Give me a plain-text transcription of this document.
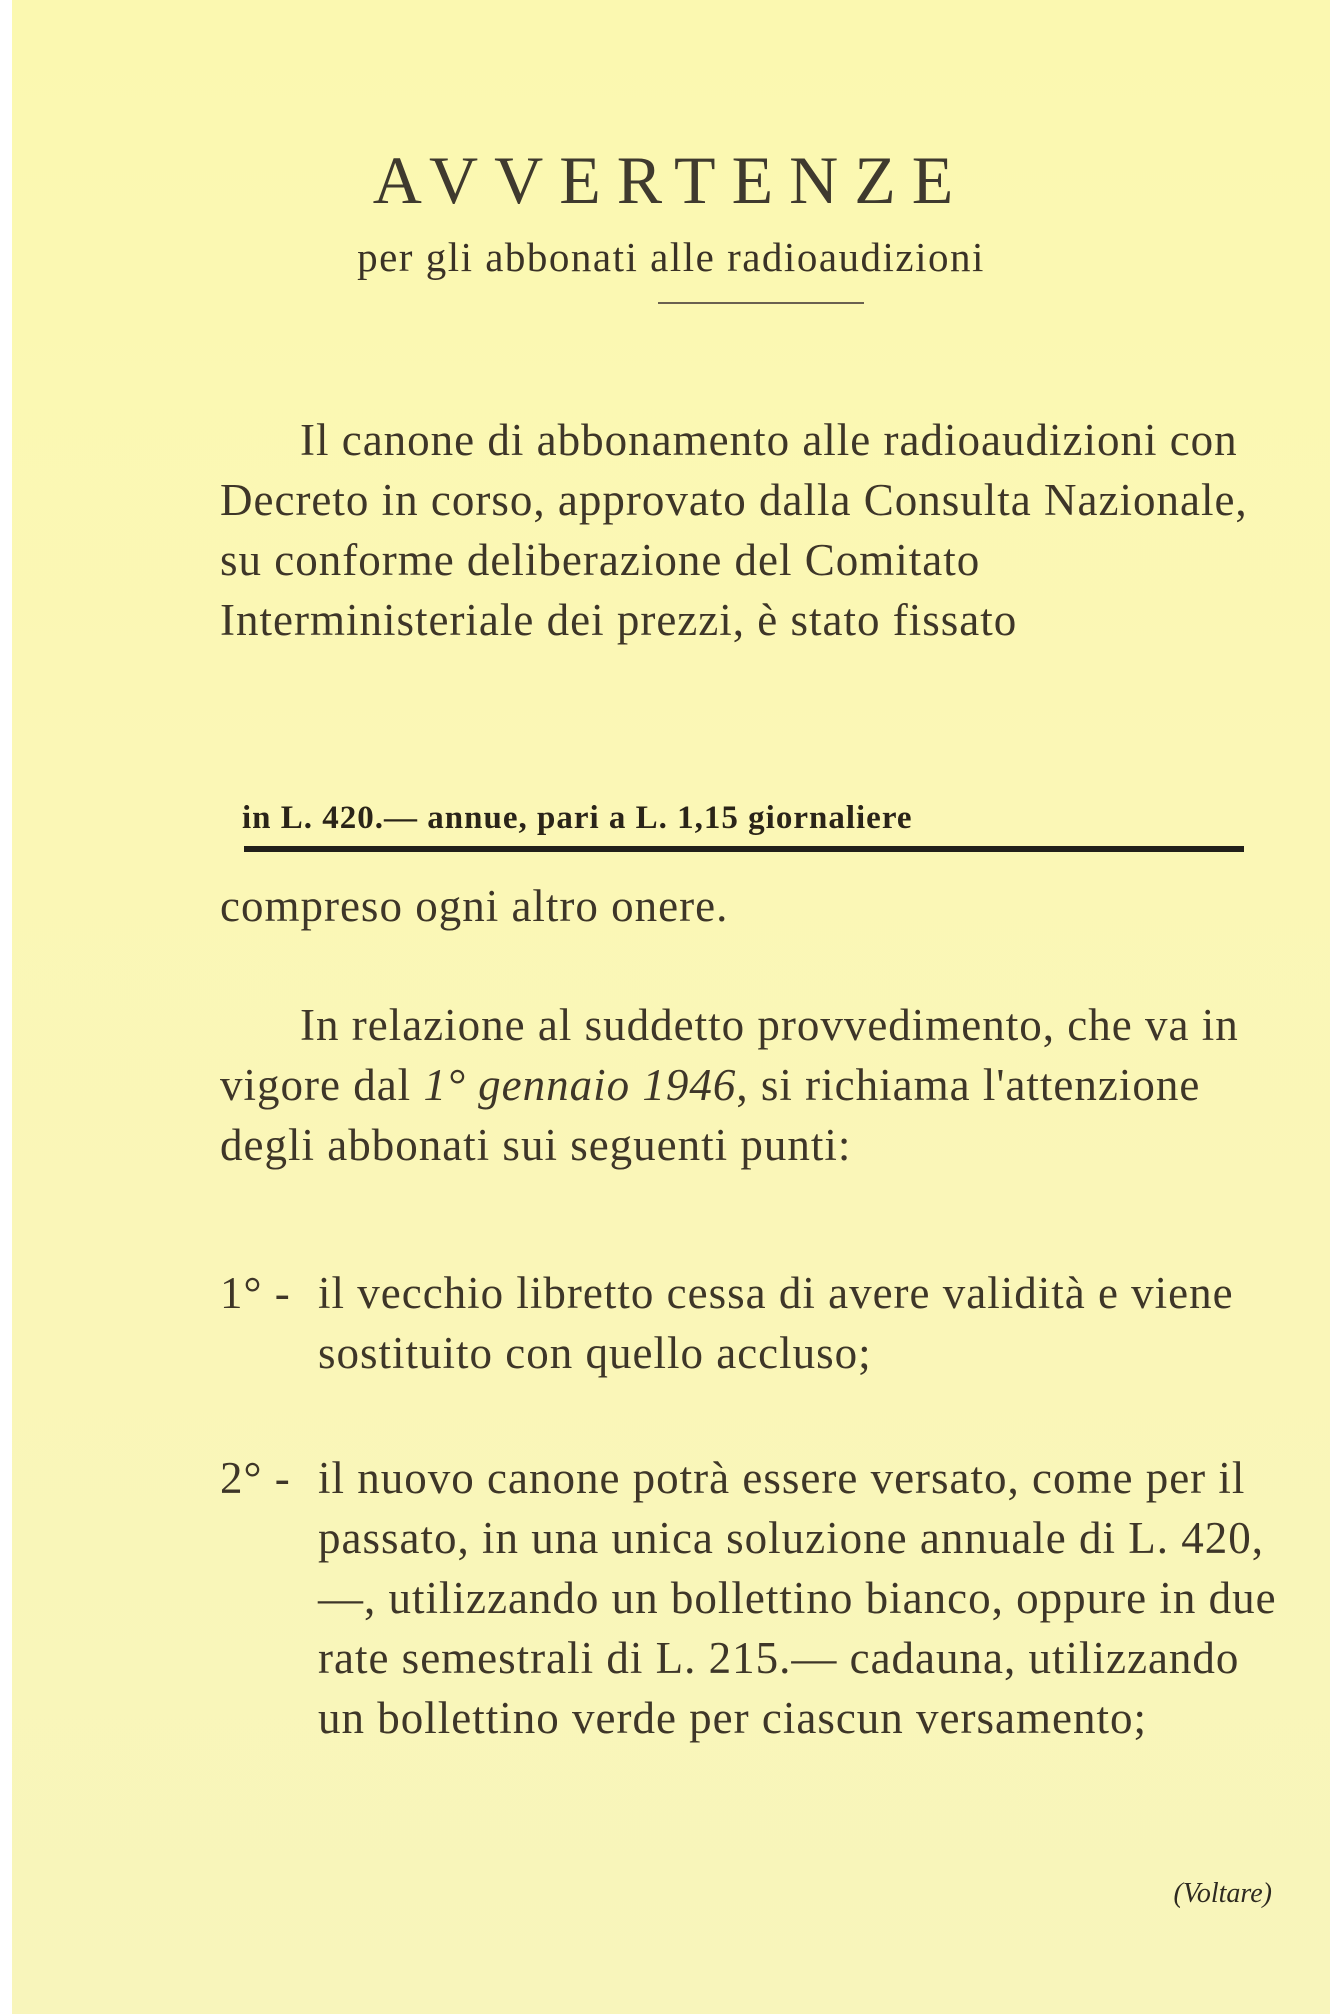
AVVERTENZE
per gli abbonati alle radioaudizioni

Il canone di abbonamento alle radioaudizioni con Decreto in corso, approvato dalla Consulta Nazionale, su conforme deliberazione del Comitato Interministeriale dei prezzi, è stato fissato

in L. 420.— annue, pari a L. 1,15 giornaliere

compreso ogni altro onere.

In relazione al suddetto provvedimento, che va in vigore dal 1° gennaio 1946, si richiama l'attenzione degli abbonati sui seguenti punti:

1° - il vecchio libretto cessa di avere validità e viene sostituito con quello accluso;
2° - il nuovo canone potrà essere versato, come per il passato, in una unica soluzione annuale di L. 420,—, utilizzando un bollettino bianco, oppure in due rate semestrali di L. 215.— cadauna, utilizzando un bollettino verde per ciascun versamento;
(Voltare)
